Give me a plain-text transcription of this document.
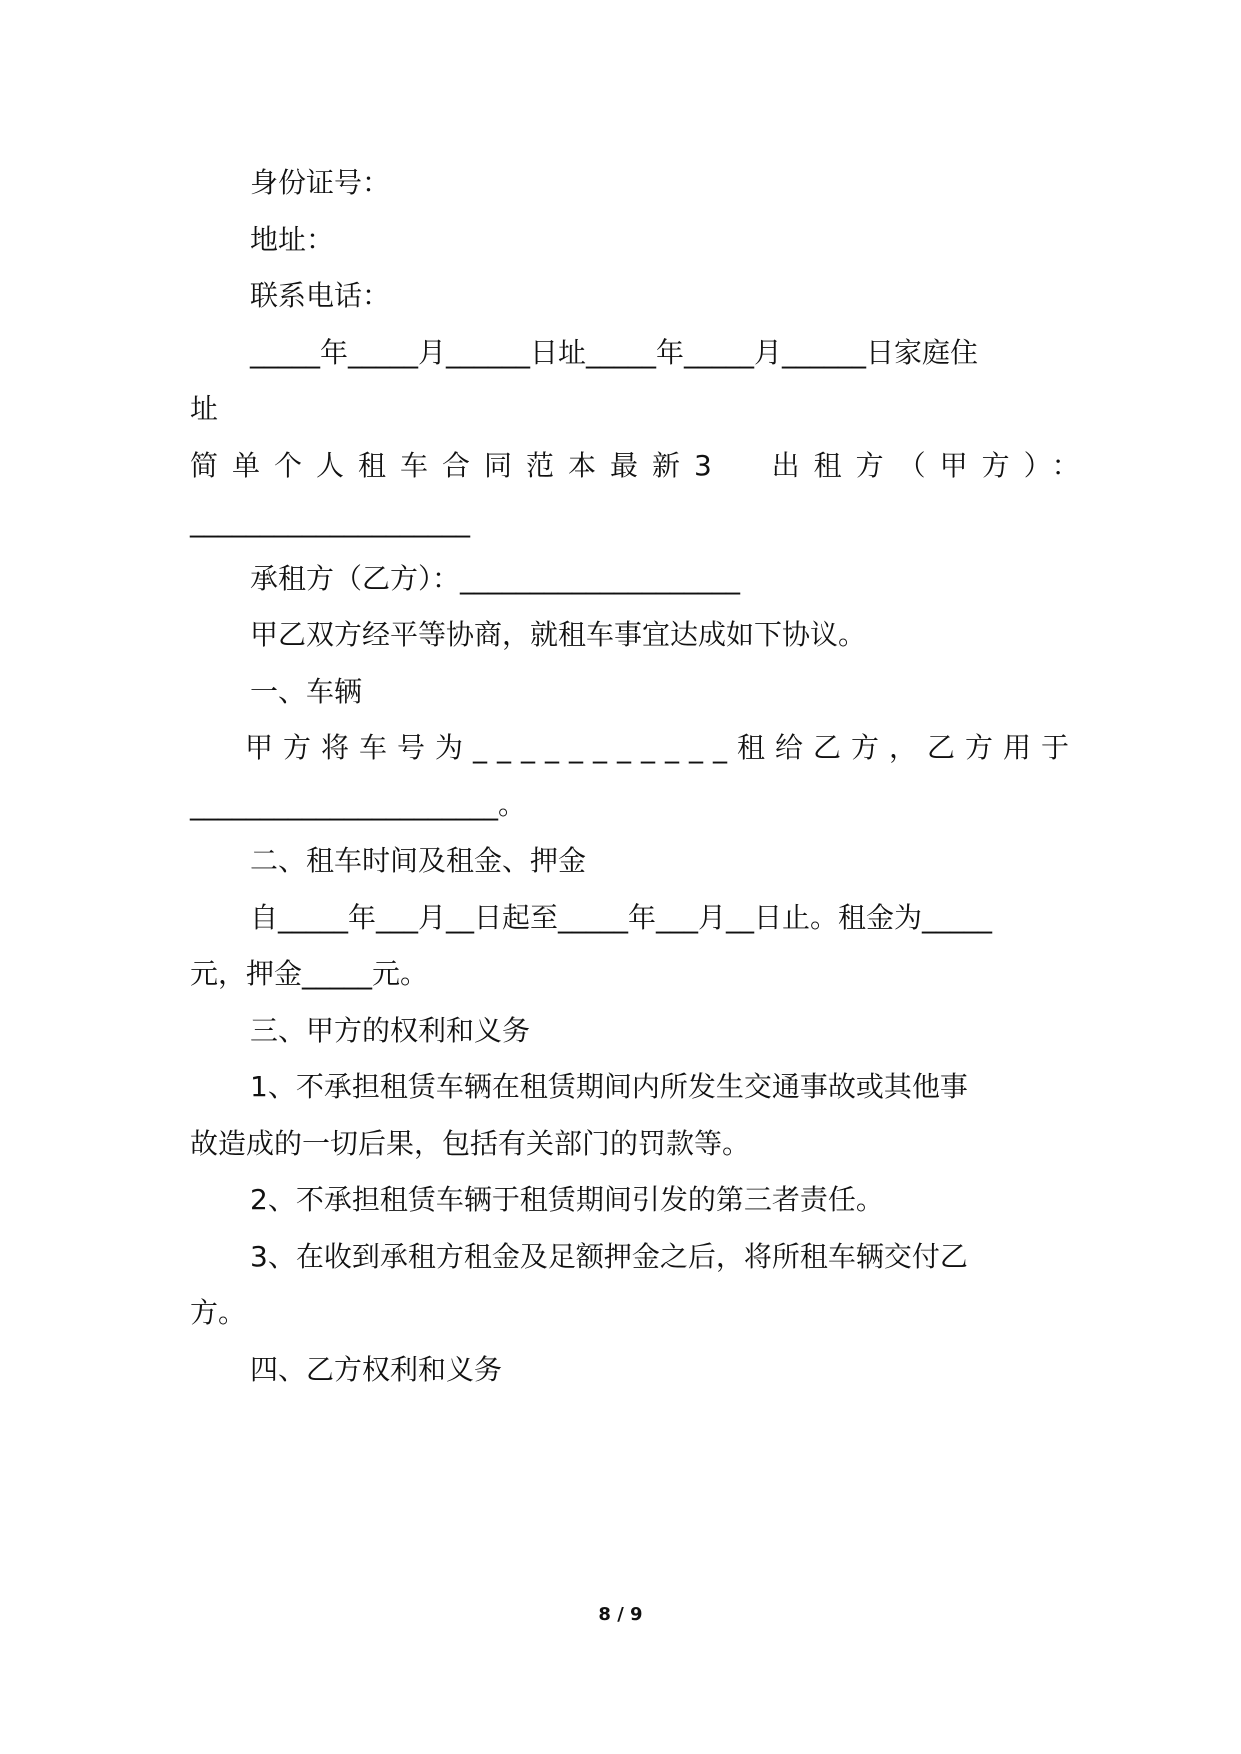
身份证号：
地址：
联系电话：
_____年_____月______日址_____年_____月______日家庭住
址
简单个人租车合同范本最新3  出租方（甲方）：
____________________
承租方（乙方）：____________________
甲乙双方经平等协商，就租车事宜达成如下协议。
一、车辆
甲方将车号为___________租给乙方，乙方用于
______________________。
二、租车时间及租金、押金
自_____年___月__日起至_____年___月__日止。租金为_____
元，押金_____元。
三、甲方的权利和义务
1、不承担租赁车辆在租赁期间内所发生交通事故或其他事
故造成的一切后果，包括有关部门的罚款等。
2、不承担租赁车辆于租赁期间引发的第三者责任。
3、在收到承租方租金及足额押金之后，将所租车辆交付乙
方。
四、乙方权利和义务
8 / 9
